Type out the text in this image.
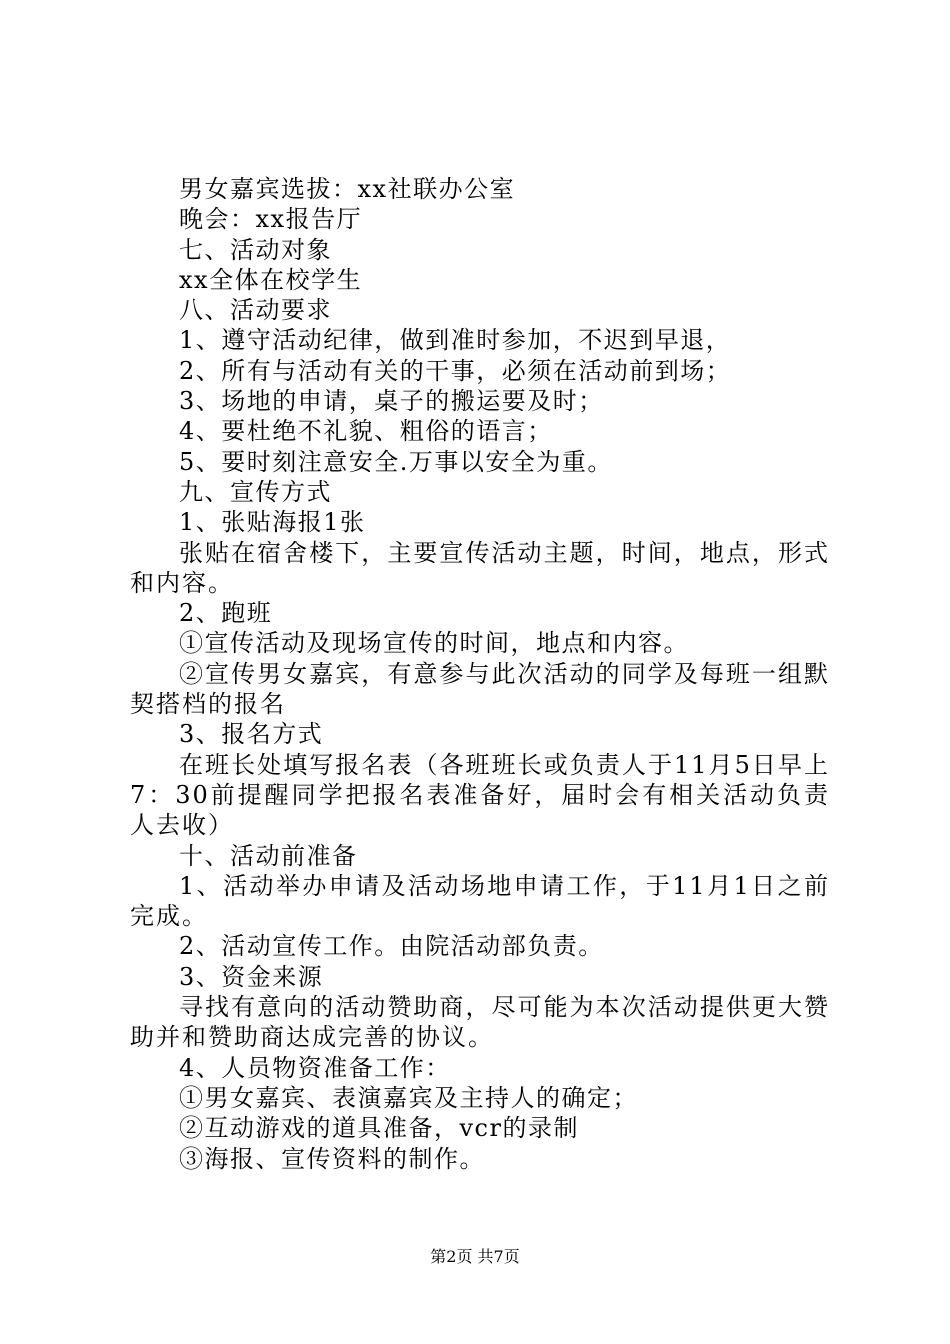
男女嘉宾选拔：xx社联办公室

晚会：xx报告厅

七、活动对象

xx全体在校学生

八、活动要求

1、遵守活动纪律，做到准时参加，不迟到早退，

2、所有与活动有关的干事，必须在活动前到场；

3、场地的申请，桌子的搬运要及时；

4、要杜绝不礼貌、粗俗的语言；

5、要时刻注意安全.万事以安全为重。

九、宣传方式

1、张贴海报1张

张贴在宿舍楼下，主要宣传活动主题，时间，地点，形式和内容。

2、跑班

①宣传活动及现场宣传的时间，地点和内容。

②宣传男女嘉宾，有意参与此次活动的同学及每班一组默契搭档的报名

3、报名方式

在班长处填写报名表（各班班长或负责人于11月5日早上7：30前提醒同学把报名表准备好，届时会有相关活动负责人去收）

十、活动前准备

1、活动举办申请及活动场地申请工作，于11月1日之前完成。

2、活动宣传工作。由院活动部负责。

3、资金来源

寻找有意向的活动赞助商，尽可能为本次活动提供更大赞助并和赞助商达成完善的协议。

4、人员物资准备工作：

①男女嘉宾、表演嘉宾及主持人的确定；

②互动游戏的道具准备，vcr的录制

③海报、宣传资料的制作。

第2页 共7页
